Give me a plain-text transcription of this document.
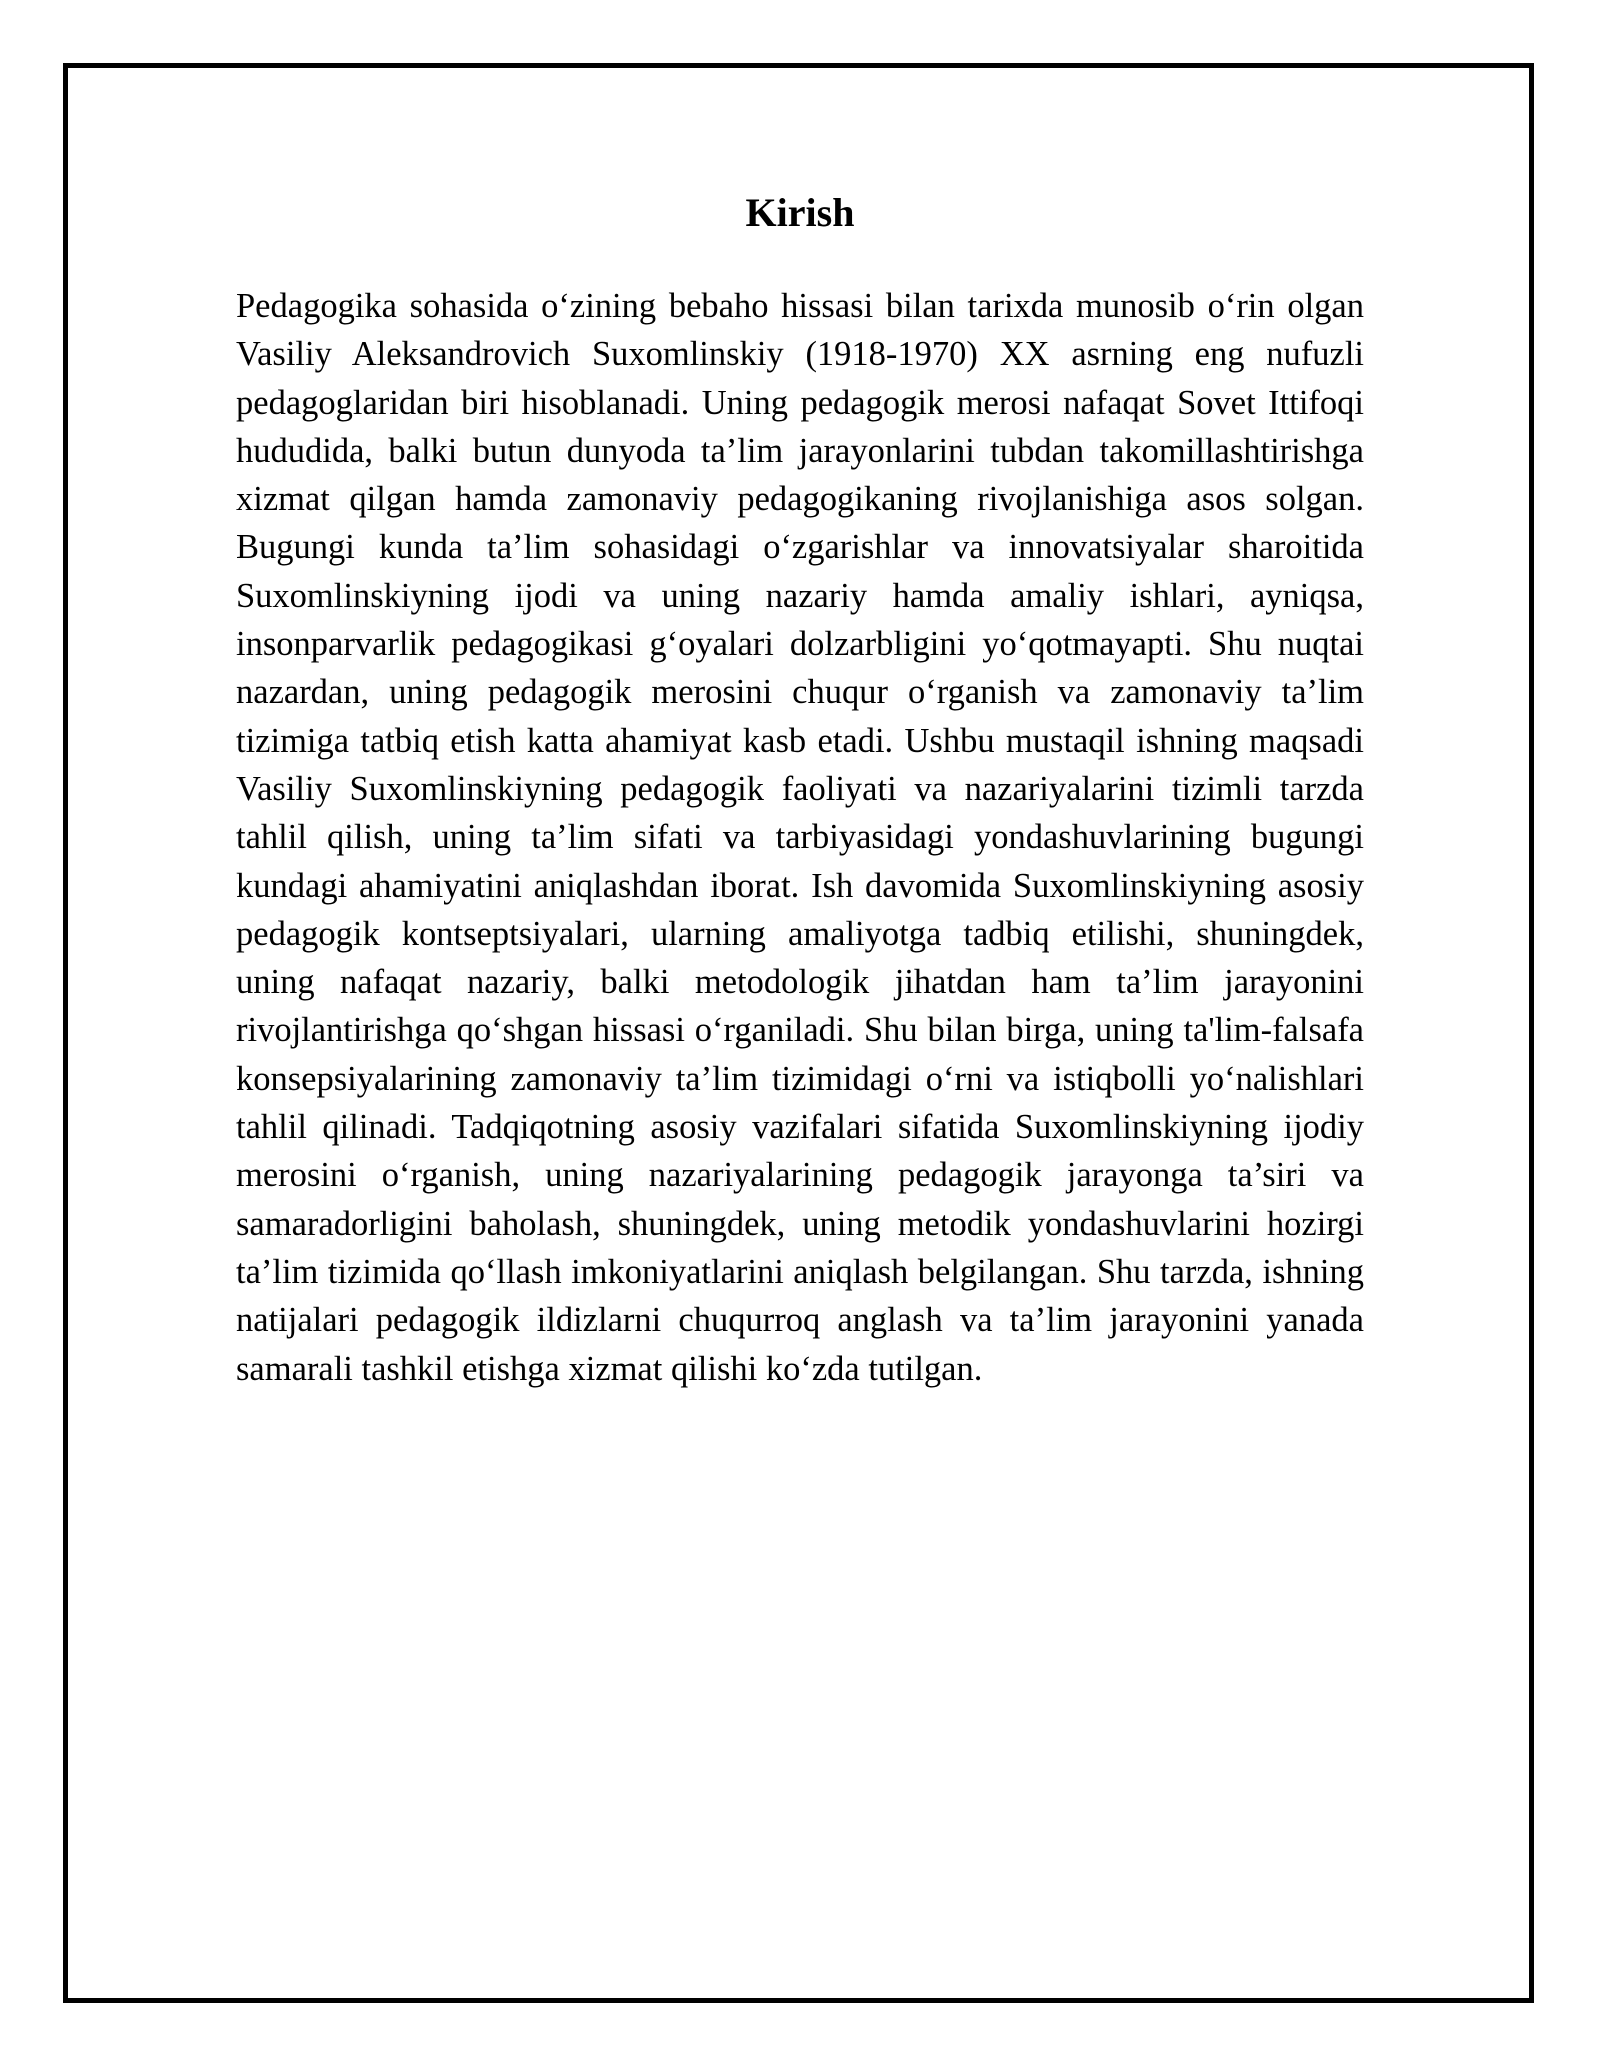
Kirish

Pedagogika sohasida o‘zining bebaho hissasi bilan tarixda munosib o‘rin olgan Vasiliy Aleksandrovich Suxomlinskiy (1918-1970) XX asrning eng nufuzli pedagoglaridan biri hisoblanadi. Uning pedagogik merosi nafaqat Sovet Ittifoqi hududida, balki butun dunyoda ta’lim jarayonlarini tubdan takomillashtirishga xizmat qilgan hamda zamonaviy pedagogikaning rivojlanishiga asos solgan. Bugungi kunda ta’lim sohasidagi o‘zgarishlar va innovatsiyalar sharoitida Suxomlinskiyning ijodi va uning nazariy hamda amaliy ishlari, ayniqsa, insonparvarlik pedagogikasi g‘oyalari dolzarbligini yo‘qotmayapti. Shu nuqtai nazardan, uning pedagogik merosini chuqur o‘rganish va zamonaviy ta’lim tizimiga tatbiq etish katta ahamiyat kasb etadi. Ushbu mustaqil ishning maqsadi Vasiliy Suxomlinskiyning pedagogik faoliyati va nazariyalarini tizimli tarzda tahlil qilish, uning ta’lim sifati va tarbiyasidagi yondashuvlarining bugungi kundagi ahamiyatini aniqlashdan iborat. Ish davomida Suxomlinskiyning asosiy pedagogik kontseptsiyalari, ularning amaliyotga tadbiq etilishi, shuningdek, uning nafaqat nazariy, balki metodologik jihatdan ham ta’lim jarayonini rivojlantirishga qo‘shgan hissasi o‘rganiladi. Shu bilan birga, uning ta'lim-falsafa konsepsiyalarining zamonaviy ta’lim tizimidagi o‘rni va istiqbolli yo‘nalishlari tahlil qilinadi. Tadqiqotning asosiy vazifalari sifatida Suxomlinskiyning ijodiy merosini o‘rganish, uning nazariyalarining pedagogik jarayonga ta’siri va samaradorligini baholash, shuningdek, uning metodik yondashuvlarini hozirgi ta’lim tizimida qo‘llash imkoniyatlarini aniqlash belgilangan. Shu tarzda, ishning natijalari pedagogik ildizlarni chuqurroq anglash va ta’lim jarayonini yanada samarali tashkil etishga xizmat qilishi ko‘zda tutilgan.
